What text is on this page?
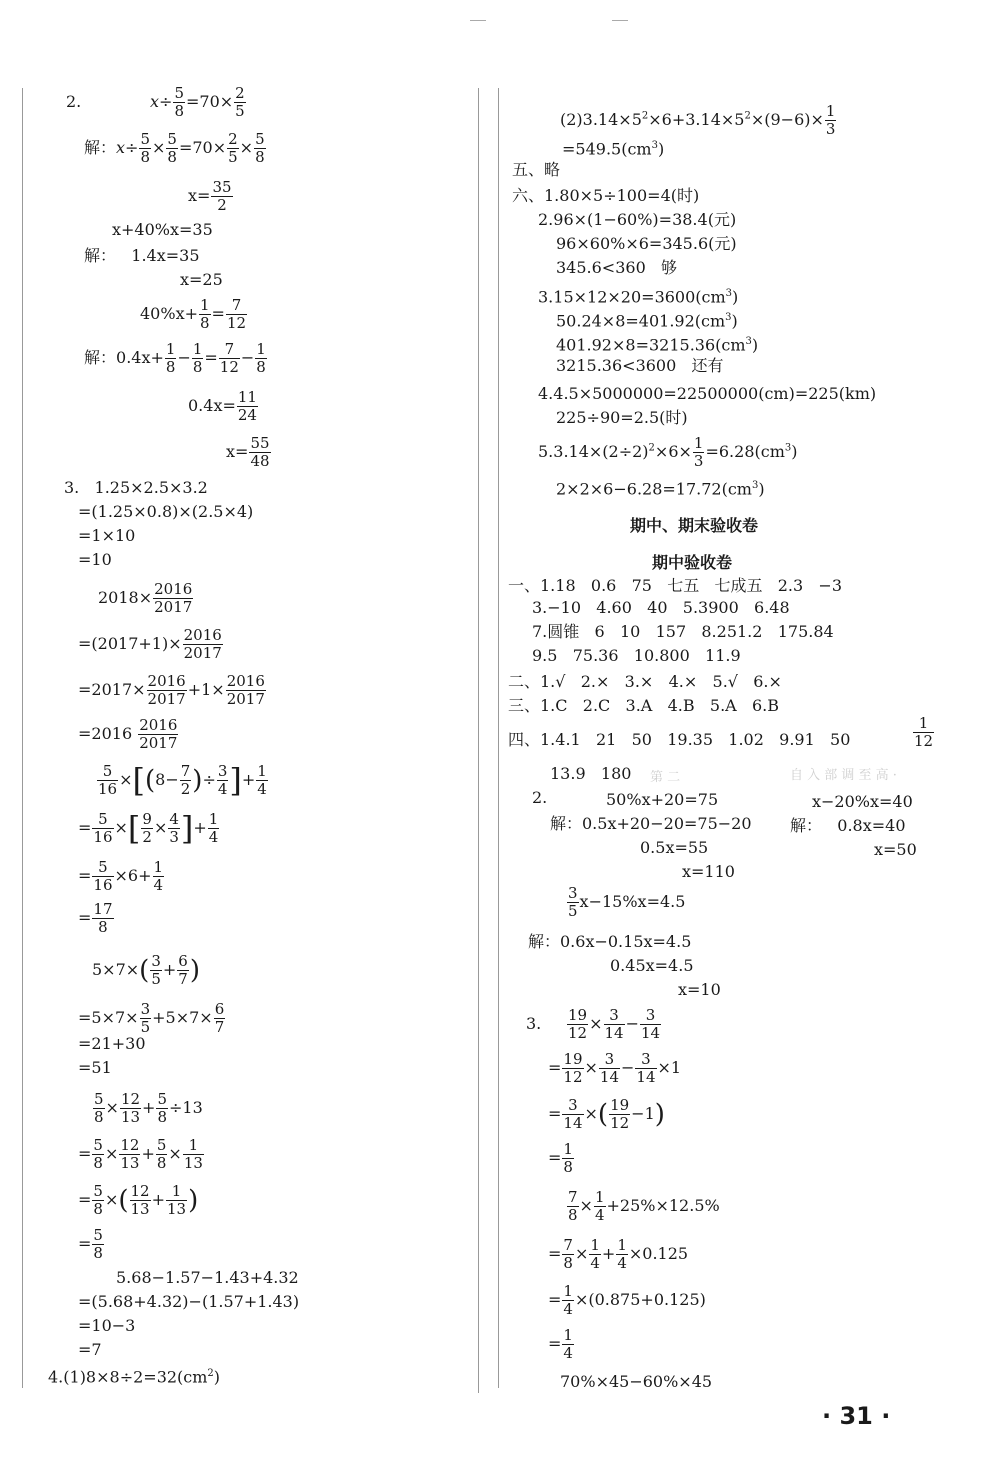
2.	$x\div \frac{5}{8} =70\times \frac{2}{5}$
解：$x\div \frac{5}{8} \times \frac{5}{8} =70\times \frac{2}{5} \times \frac{5}{8}$
$x= \frac{35}{2}$
x+40%x=35
解：   1.4x=35
x=25
$40\%x+ \frac{1}{8} = \frac{7}{12}$
解：$0.4x+ \frac{1}{8} - \frac{1}{8} = \frac{7}{12} - \frac{1}{8}$
$0.4x= \frac{11}{24}$
$x= \frac{55}{48}$
3.   1.25×2.5×3.2
=(1.25×0.8)×(2.5×4)
=1×10
=10
$2018\times \frac{2016}{2017}$
$=(2017+1)\times \frac{2016}{2017}$
$=2017\times \frac{2016}{2017} +1\times \frac{2016}{2017}$
$=2016 \frac{2016}{2017}$
$\frac{5}{16} \times[(8- \frac{7}{2}$ )÷ $\frac{3}{4}$ ]+ $\frac{1}{4}$
= $\frac{5}{16}$ ×[ $\frac{9}{2} \times \frac{4}{3}$ ]+ $\frac{1}{4}$
= $\frac{5}{16} \times 6+ \frac{1}{4}$
= $\frac{17}{8}$
$5\times 7\times( \frac{3}{5} + \frac{6}{7}$ )
$=5\times 7\times \frac{3}{5} +5\times 7\times \frac{6}{7}$
=21+30
=51
$\frac{5}{8} \times \frac{12}{13} + \frac{5}{8} \div 13$
= $\frac{5}{8} \times \frac{12}{13} + \frac{5}{8} \times \frac{1}{13}$
= $\frac{5}{8}$ ×( $\frac{12}{13} + \frac{1}{13}$ )
= $\frac{5}{8}$
5.68−1.57−1.43+4.32
=(5.68+4.32)−(1.57+1.43)
=10−3
=7
$4.(1)8\times 8\div 2=32(cm^2)$
$(2)3.14\times 5^2\times 6+3.14\times 5^2\times(9-6)\times \frac{1}{3}$
$=549.5(cm^3)$
五、略
六、1.80×5÷100=4(时)
2.96×(1−60%)=38.4(元)
96×60%×6=345.6(元)
345.6<360   够
$3.15\times 12\times 20=3600(cm^3)$
$50.24\times 8=401.92(cm^3)$
$401.92\times 8=3215.36(cm^3)$
3215.36<3600   还有
4.4.5×5000000=22500000(cm)=225(km)
225÷90=2.5(时)
$5.3.14\times(2\div 2)^2\times 6\times \frac{1}{3} =6.28(cm^3)$
$2\times 2\times 6-6.28=17.72(cm^3)$
期中、期末验收卷
期中验收卷
一、1.18   0.6   75   七五   七成五   2.3   −3
3.−10   4.60   40   5.3900   6.48
7.圆锥   6   10   157   8.251.2   175.84
9.5   75.36   10.800   11.9
二、1.√   2.×   3.×   4.×   5.√   6.×
三、1.C   2.C   3.A   4.B   5.A   6.B
四、1.4.1   21   50   19.35   1.02   9.91   50	$\frac{1}{12}$
13.9   180 第 二	自 入 部 调 至 高 ·
2.	50%x+20=75
解：0.5x+20−20=75−20
0.5x=55
x=110
x−20%x=40
解：   0.8x=40
x=50
$\frac{3}{5} x-15\%x=4.5$
解：0.6x−0.15x=4.5
0.45x=4.5
x=10
3. $\frac{19}{12} \times \frac{3}{14} - \frac{3}{14}$
= $\frac{19}{12} \times \frac{3}{14} - \frac{3}{14} \times 1$
= $\frac{3}{14}$ ×( $\frac{19}{12} -1$)
= $\frac{1}{8}$
$\frac{7}{8} \times \frac{1}{4} +25\%\times 12.5\%$
= $\frac{7}{8} \times \frac{1}{4} + \frac{1}{4} \times 0.125$
= $\frac{1}{4} \times(0.875+0.125)$
= $\frac{1}{4}$
70%×45−60%×45
· 31 ·
